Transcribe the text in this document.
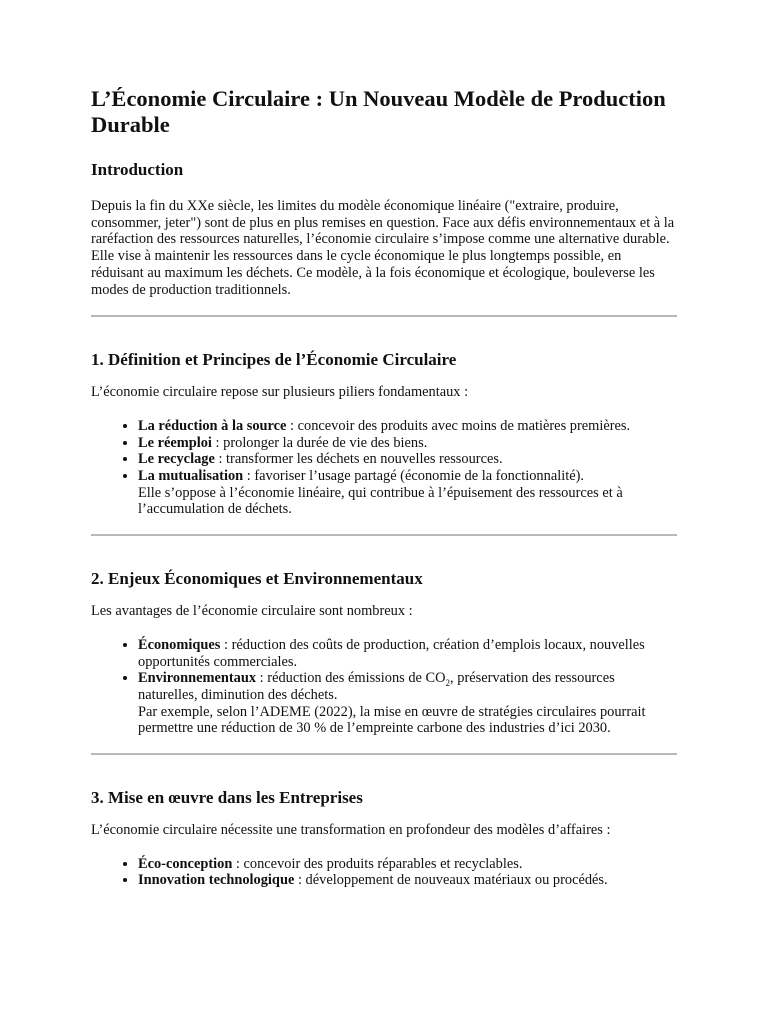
L’Économie Circulaire : Un Nouveau Modèle de Production Durable
Introduction

Depuis la fin du XXe siècle, les limites du modèle économique linéaire ("extraire, produire, consommer, jeter") sont de plus en plus remises en question. Face aux défis environnementaux et à la raréfaction des ressources naturelles, l’économie circulaire s’impose comme une alternative durable. Elle vise à maintenir les ressources dans le cycle économique le plus longtemps possible, en réduisant au maximum les déchets. Ce modèle, à la fois économique et écologique, bouleverse les modes de production traditionnels.

1. Définition et Principes de l’Économie Circulaire

L’économie circulaire repose sur plusieurs piliers fondamentaux :

• La réduction à la source : concevoir des produits avec moins de matières premières.
• Le réemploi : prolonger la durée de vie des biens.
• Le recyclage : transformer les déchets en nouvelles ressources.
• La mutualisation : favoriser l’usage partagé (économie de la fonctionnalité).
Elle s’oppose à l’économie linéaire, qui contribue à l’épuisement des ressources et à l’accumulation de déchets.
2. Enjeux Économiques et Environnementaux

Les avantages de l’économie circulaire sont nombreux :

• Économiques : réduction des coûts de production, création d’emplois locaux, nouvelles opportunités commerciales.
• Environnementaux : réduction des émissions de $CO_2$, préservation des ressources naturelles, diminution des déchets.
Par exemple, selon l’ADEME (2022), la mise en œuvre de stratégies circulaires pourrait permettre une réduction de 30 % de l’empreinte carbone des industries d’ici 2030.
3. Mise en œuvre dans les Entreprises

L’économie circulaire nécessite une transformation en profondeur des modèles d’affaires :

• Éco-conception : concevoir des produits réparables et recyclables.
• Innovation technologique : développement de nouveaux matériaux ou procédés.
